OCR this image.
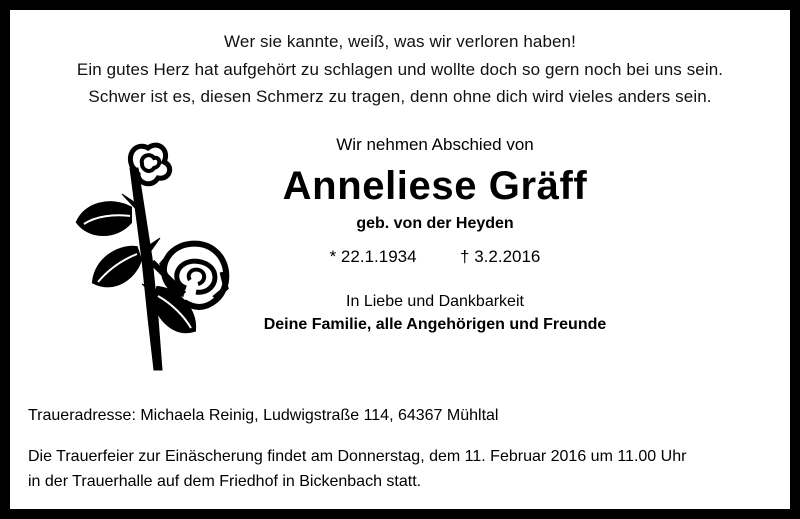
Wer sie kannte, weiß, was wir verloren haben!
Ein gutes Herz hat aufgehört zu schlagen und wollte doch so gern noch bei uns sein.
Schwer ist es, diesen Schmerz zu tragen, denn ohne dich wird vieles anders sein.
Wir nehmen Abschied von
Anneliese Gräff
geb. von der Heyden
* 22.1.1934	† 3.2.2016
In Liebe und Dankbarkeit
Deine Familie, alle Angehörigen und Freunde
Traueradresse: Michaela Reinig, Ludwigstraße 114, 64367 Mühltal
Die Trauerfeier zur Einäscherung findet am Donnerstag, dem 11. Februar 2016 um 11.00 Uhr
in der Trauerhalle auf dem Friedhof in Bickenbach statt.
